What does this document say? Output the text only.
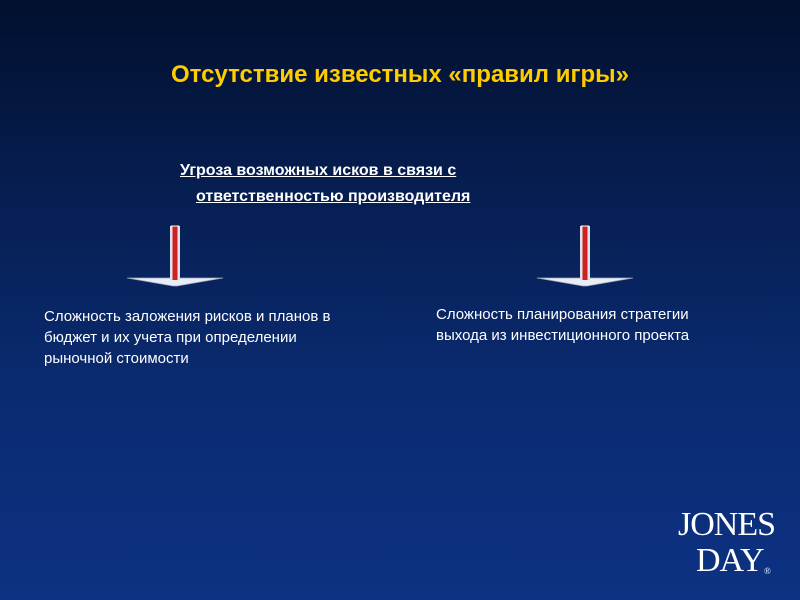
Отсутствие известных «правил игры»
Угроза возможных исков в связи с
ответственностью производителя
Сложность заложения рисков и планов в бюджет и их учета при определении рыночной стоимости
Сложность планирования стратегии выхода из инвестиционного проекта
JONES
DAY ®
